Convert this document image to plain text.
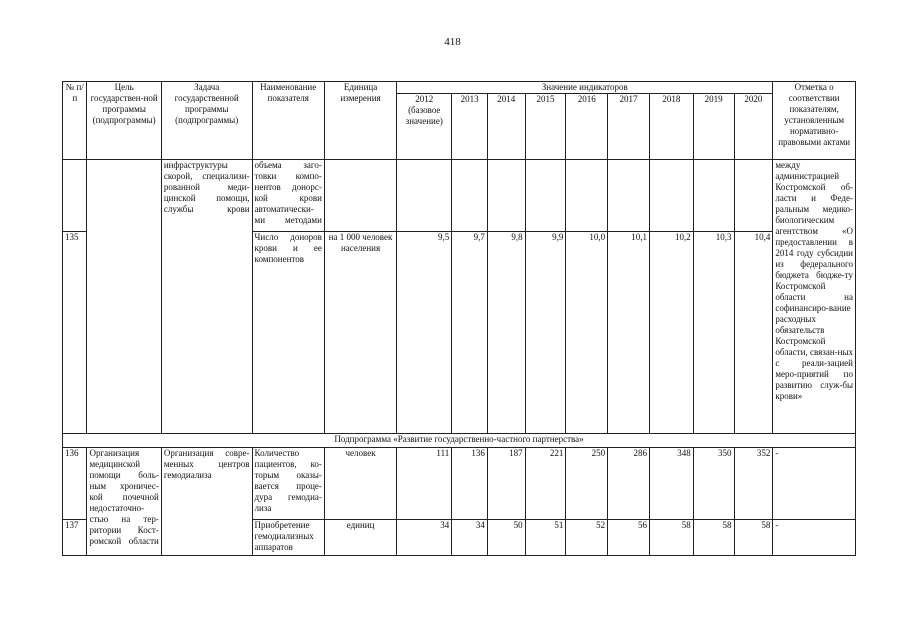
418
№ п/п	Цель государствен-ной программы (подпрограммы)	Задача государственной программы (подпрограммы)	Наименование показателя	Единица измерения	Значение индикаторов									Отметка о соответствии показателям, установленным нормативно-правовыми актами
					2012 (базовое значение)	2013	2014	2015	2016	2017	2018	2019	2020	
		инфраструктуры скорой, специализи-рованной меди-цинской помощи, службы крови	объема заго-товки компо-нентов донорс-кой крови автоматически-ми методами											между администрацией Костромской об-ласти и Феде-ральным медико-биологическим агентством «О предоставлении в 2014 году субсидии из федерального бюджета бюдже-ту Костромской области на софинансиро-вание расходных обязательств Костромской области, связан-ных с реали-зацией меро-приятий по развитию служ-бы крови»
135			Число донoров крови и ее компонентов	на 1 000 человек населения	9,5	9,7	9,8	9,9	10,0	10,1	10,2	10,3	10,4	
Подпрограмма «Развитие государственно-частного партнерства»														
136	Организация медицинской помощи боль-ным хроничес-кой почечной недостаточно-стью на тер-ритории Кост-ромской области	Организация совре-менных центров гемодиализа	Количество пациентов, ко-торым оказы-вается проце-дура гемодиа-лиза	человек	111	136	187	221	250	286	348	350	352	-
137			Приобретение гемодиализных аппаратов	единиц	34	34	50	51	52	56	58	58	58	-
